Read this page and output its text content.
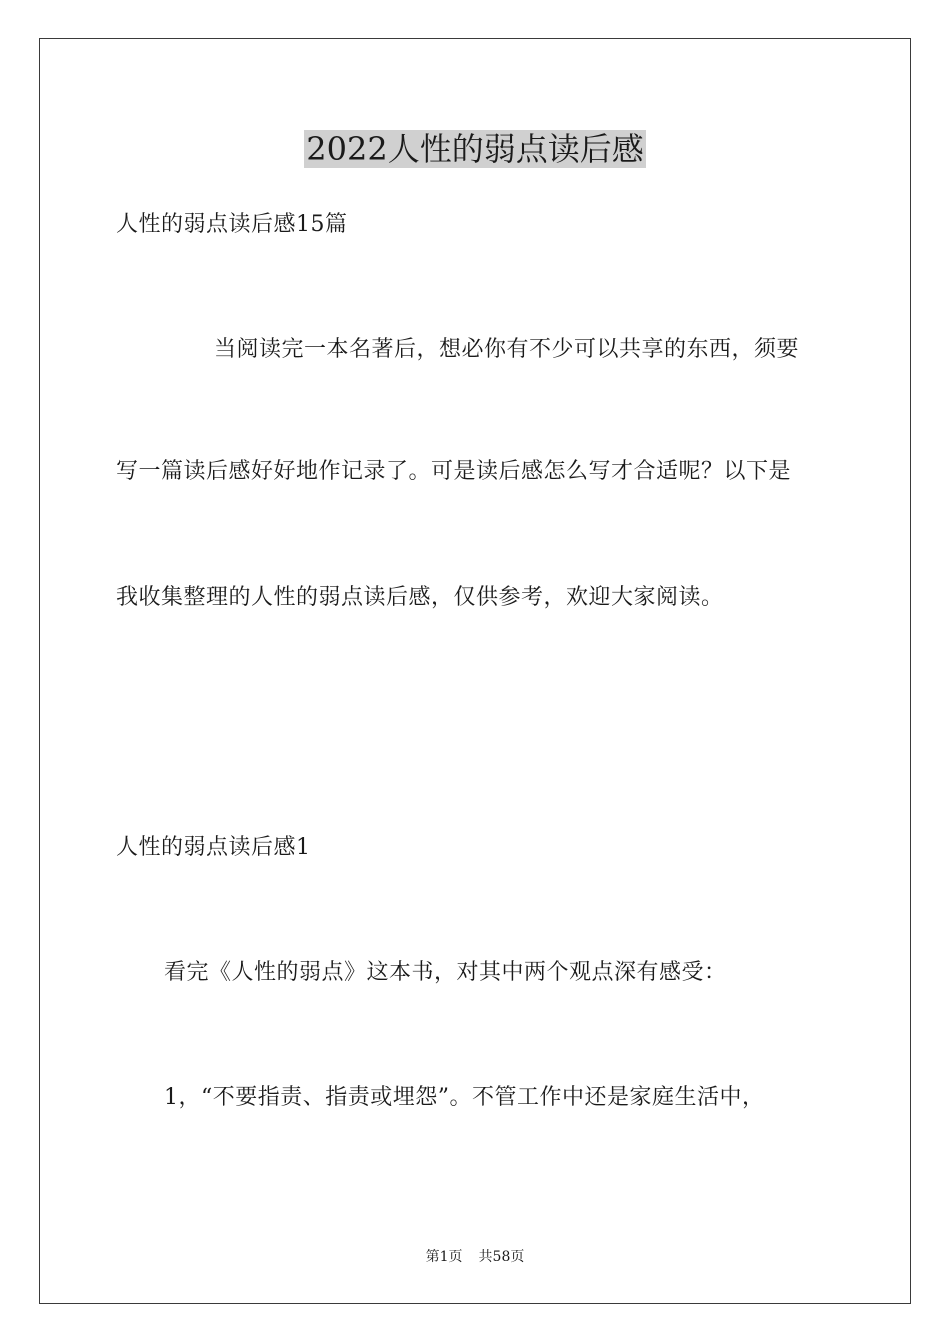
2022人性的弱点读后感
人性的弱点读后感15篇
当阅读完一本名著后，想必你有不少可以共享的东西，须要
写一篇读后感好好地作记录了。可是读后感怎么写才合适呢？以下是
我收集整理的人性的弱点读后感，仅供参考，欢迎大家阅读。
人性的弱点读后感1
看完《人性的弱点》这本书，对其中两个观点深有感受：
1，“不要指责、指责或埋怨”。不管工作中还是家庭生活中，
第1页 共58页
